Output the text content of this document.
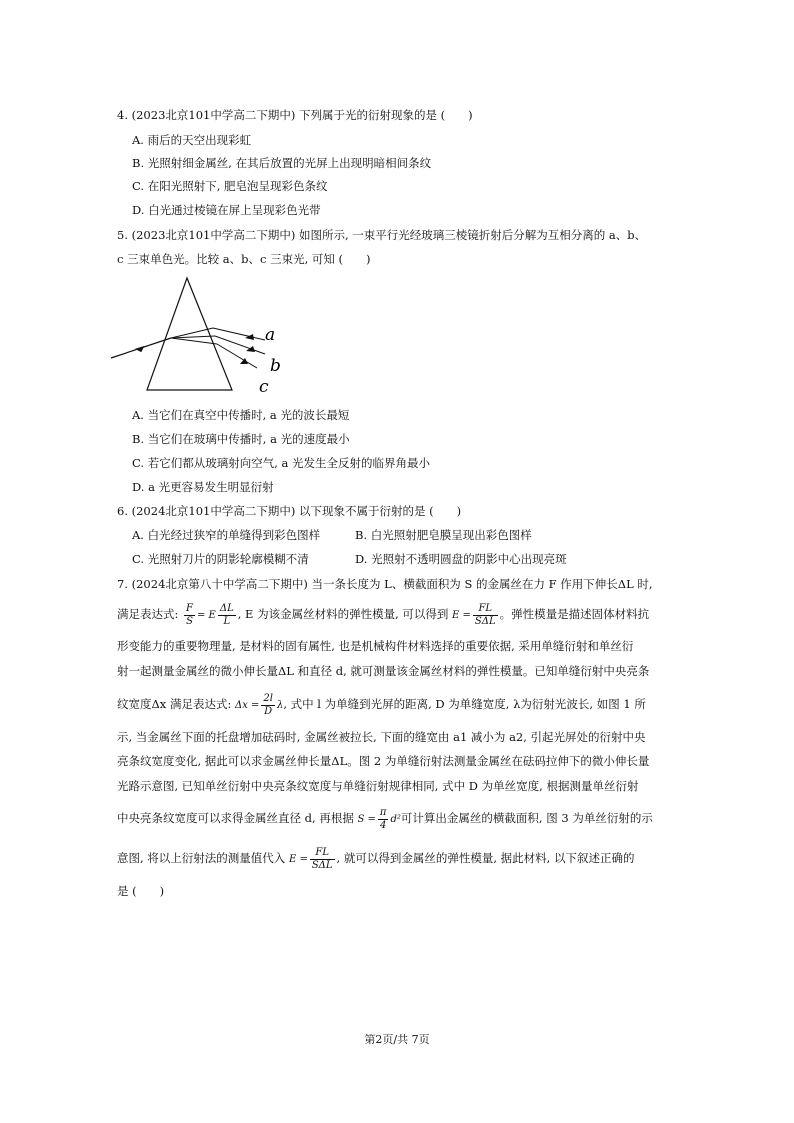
4. (2023北京101中学高二下期中) 下列属于光的衍射现象的是 (　　)
A. 雨后的天空出现彩虹
B. 光照射细金属丝, 在其后放置的光屏上出现明暗相间条纹
C. 在阳光照射下, 肥皂泡呈现彩色条纹
D. 白光通过棱镜在屏上呈现彩色光带
5. (2023北京101中学高二下期中) 如图所示, 一束平行光经玻璃三棱镜折射后分解为互相分离的 a、b、
c 三束单色光。比较 a、b、c 三束光, 可知 (　　)
a
b
c
A. 当它们在真空中传播时, a 光的波长最短
B. 当它们在玻璃中传播时, a 光的速度最小
C. 若它们都从玻璃射向空气, a 光发生全反射的临界角最小
D. a 光更容易发生明显衍射
6. (2024北京101中学高二下期中) 以下现象不属于衍射的是 (　　)
A. 白光经过狭窄的单缝得到彩色图样	B. 白光照射肥皂膜呈现出彩色图样
C. 光照射刀片的阴影轮廓模糊不清	D. 光照射不透明圆盘的阴影中心出现亮斑
7. (2024北京第八十中学高二下期中) 当一条长度为 L、横截面积为 S 的金属丝在力 F 作用下伸长ΔL 时,
满足表达式: $\frac{F}{S} = E \frac{\Delta L}{L}$ , E 为该金属丝材料的弹性模量, 可以得到 $E = \frac{FL}{\text{SΔL}}$ 。弹性模量是描述固体材料抗
形变能力的重要物理量, 是材料的固有属性, 也是机械构件材料选择的重要依据, 采用单缝衍射和单丝衍
射一起测量金属丝的微小伸长量ΔL 和直径 d, 就可测量该金属丝材料的弹性模量。已知单缝衍射中央亮条
纹宽度Δx 满足表达式: $\Delta x = \frac{2l}{D} \lambda$, 式中 l 为单缝到光屏的距离, D 为单缝宽度, λ为衍射光波长, 如图 1 所
示, 当金属丝下面的托盘增加砝码时, 金属丝被拉长, 下面的缝宽由 a1 减小为 a2, 引起光屏处的衍射中央
亮条纹宽度变化, 据此可以求金属丝伸长量ΔL。图 2 为单缝衍射法测量金属丝在砝码拉伸下的微小伸长量
光路示意图, 已知单丝衍射中央亮条纹宽度与单缝衍射规律相同, 式中 D 为单丝宽度, 根据测量单丝衍射
中央亮条纹宽度可以求得金属丝直径 d, 再根据 $S = \frac{\pi}{4} d^2$可计算出金属丝的横截面积, 图 3 为单丝衍射的示
意图, 将以上衍射法的测量值代入 $E = \frac{FL}{\text{SΔL}}$ , 就可以得到金属丝的弹性模量, 据此材料, 以下叙述正确的
是 (　　)
第2页/共 7页
